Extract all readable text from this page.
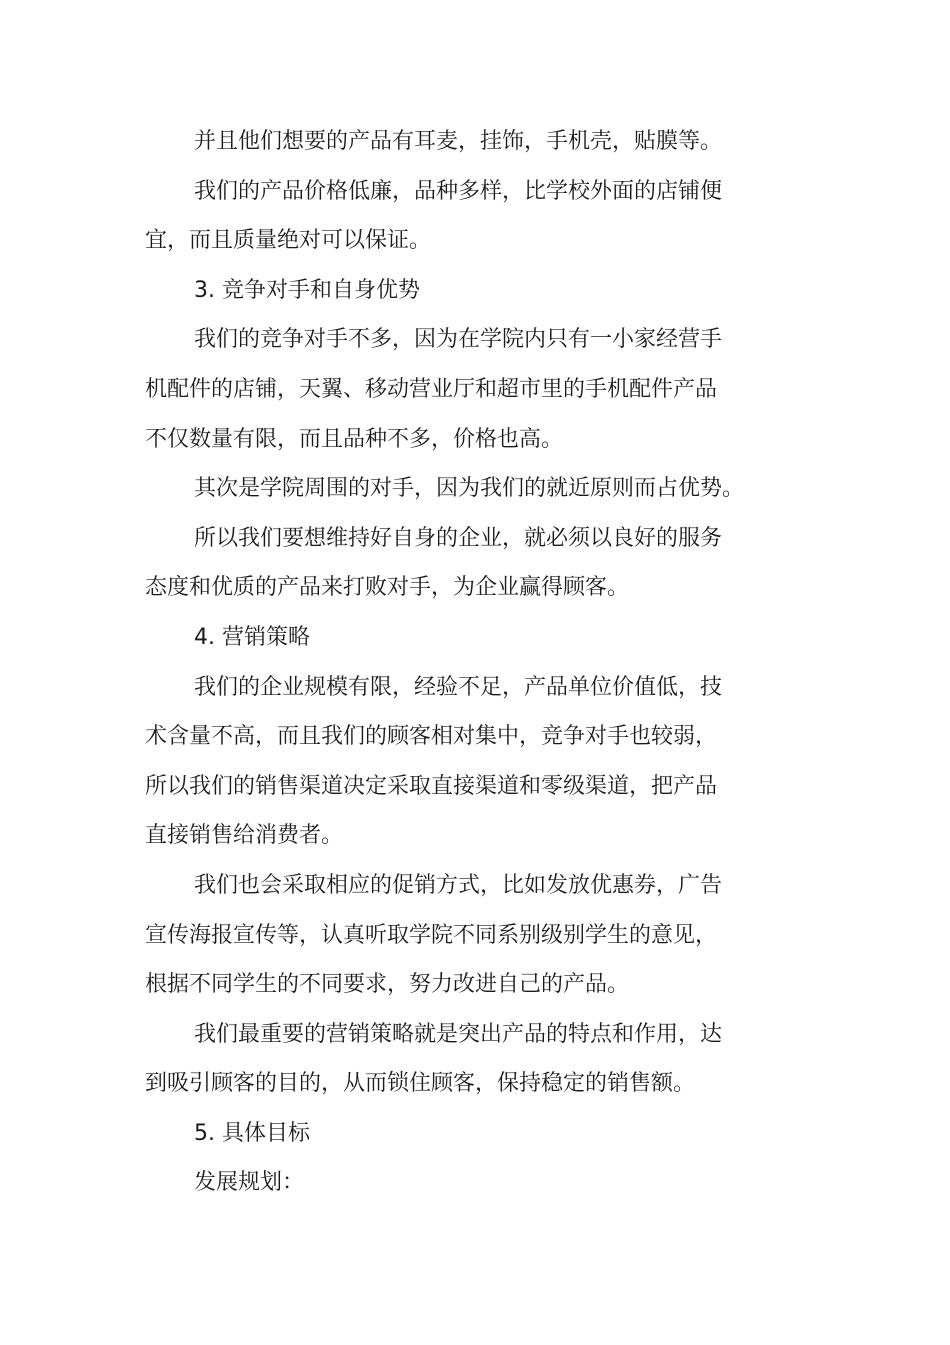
并且他们想要的产品有耳麦，挂饰，手机壳，贴膜等。
我们的产品价格低廉，品种多样，比学校外面的店铺便
宜，而且质量绝对可以保证。
3. 竞争对手和自身优势
我们的竞争对手不多，因为在学院内只有一小家经营手
机配件的店铺，天翼、移动营业厅和超市里的手机配件产品
不仅数量有限，而且品种不多，价格也高。
其次是学院周围的对手，因为我们的就近原则而占优势。
所以我们要想维持好自身的企业，就必须以良好的服务
态度和优质的产品来打败对手，为企业赢得顾客。
4. 营销策略
我们的企业规模有限，经验不足，产品单位价值低，技
术含量不高，而且我们的顾客相对集中，竞争对手也较弱，
所以我们的销售渠道决定采取直接渠道和零级渠道，把产品
直接销售给消费者。
我们也会采取相应的促销方式，比如发放优惠券，广告
宣传海报宣传等，认真听取学院不同系别级别学生的意见，
根据不同学生的不同要求，努力改进自己的产品。
我们最重要的营销策略就是突出产品的特点和作用，达
到吸引顾客的目的，从而锁住顾客，保持稳定的销售额。
5. 具体目标
发展规划：
